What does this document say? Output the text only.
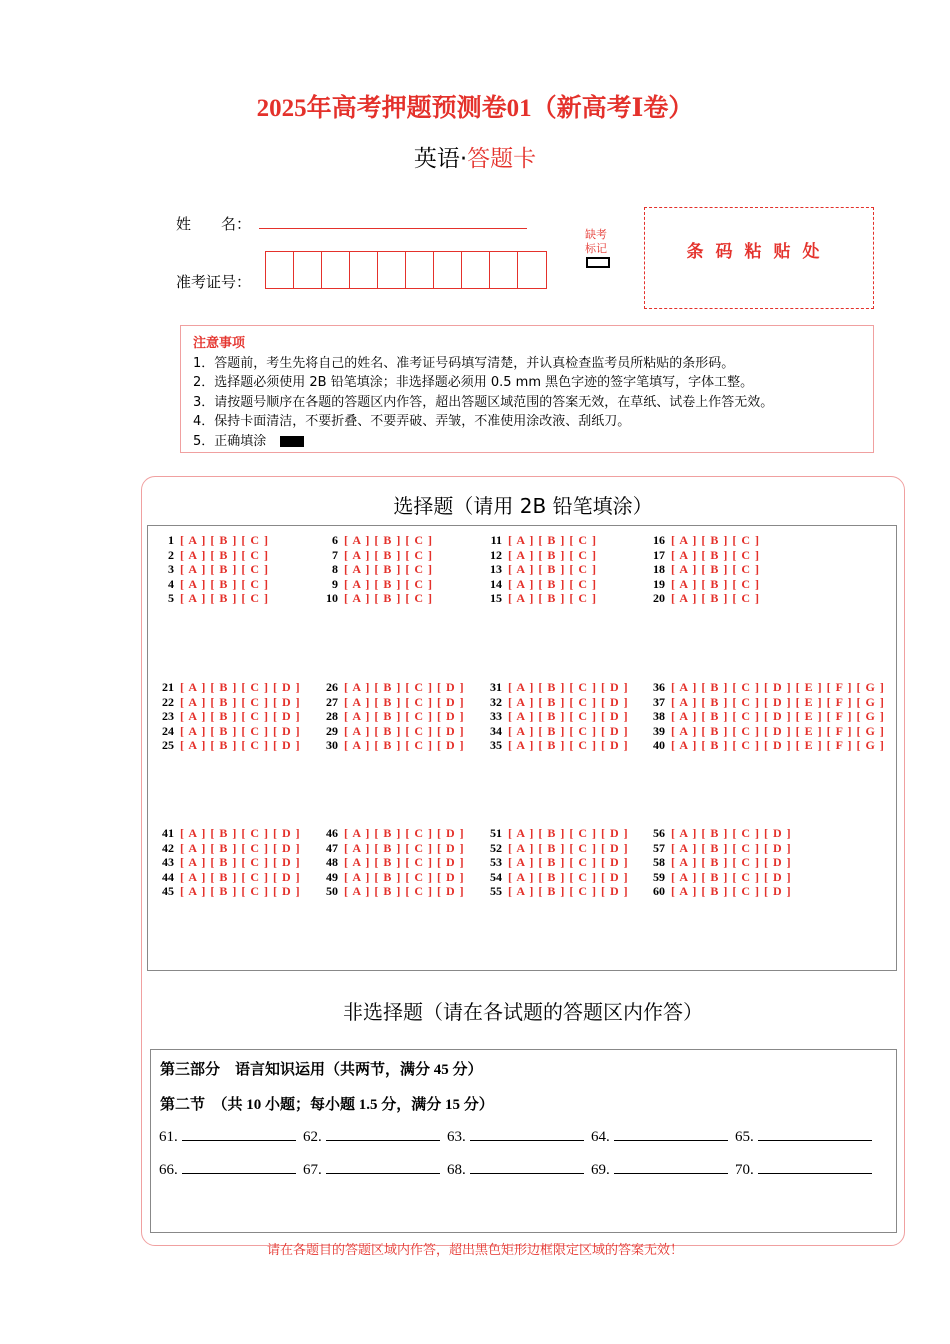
2025年高考押题预测卷01（新高考Ⅰ卷）
英语·答题卡
姓　　名：
准考证号：
缺考标记	条码粘贴处
注意事项
1．答题前，考生先将自己的姓名、准考证号码填写清楚，并认真检查监考员所粘贴的条形码。
2．选择题必须使用 2B 铅笔填涂；非选择题必须用 0.5 mm 黑色字迹的签字笔填写，字体工整。
3．请按题号顺序在各题的答题区内作答，超出答题区域范围的答案无效，在草纸、试卷上作答无效。
4．保持卡面清洁，不要折叠、不要弄破、弄皱，不准使用涂改液、刮纸刀。
5．正确填涂
选择题（请用 2B 铅笔填涂）
非选择题（请在各试题的答题区内作答）
第三部分　语言知识运用（共两节，满分 45 分）
第二节　（共 10 小题；每小题 1.5 分，满分 15 分）
61.	62.	63.	64.	65.
66.	67.	68.	69.	70.
请在各题目的答题区域内作答，超出黑色矩形边框限定区域的答案无效！
1 [ A ] [ B ] [ C ]
2 [ A ] [ B ] [ C ]
3 [ A ] [ B ] [ C ]
4 [ A ] [ B ] [ C ]
5 [ A ] [ B ] [ C ]
6 [ A ] [ B ] [ C ]
7 [ A ] [ B ] [ C ]
8 [ A ] [ B ] [ C ]
9 [ A ] [ B ] [ C ]
10 [ A ] [ B ] [ C ]
11 [ A ] [ B ] [ C ]
12 [ A ] [ B ] [ C ]
13 [ A ] [ B ] [ C ]
14 [ A ] [ B ] [ C ]
15 [ A ] [ B ] [ C ]
16 [ A ] [ B ] [ C ]
17 [ A ] [ B ] [ C ]
18 [ A ] [ B ] [ C ]
19 [ A ] [ B ] [ C ]
20 [ A ] [ B ] [ C ]
21 [ A ] [ B ] [ C ] [ D ]
22 [ A ] [ B ] [ C ] [ D ]
23 [ A ] [ B ] [ C ] [ D ]
24 [ A ] [ B ] [ C ] [ D ]
25 [ A ] [ B ] [ C ] [ D ]
26 [ A ] [ B ] [ C ] [ D ]
27 [ A ] [ B ] [ C ] [ D ]
28 [ A ] [ B ] [ C ] [ D ]
29 [ A ] [ B ] [ C ] [ D ]
30 [ A ] [ B ] [ C ] [ D ]
31 [ A ] [ B ] [ C ] [ D ]
32 [ A ] [ B ] [ C ] [ D ]
33 [ A ] [ B ] [ C ] [ D ]
34 [ A ] [ B ] [ C ] [ D ]
35 [ A ] [ B ] [ C ] [ D ]
36 [ A ] [ B ] [ C ] [ D ] [ E ] [ F ] [ G ]
37 [ A ] [ B ] [ C ] [ D ] [ E ] [ F ] [ G ]
38 [ A ] [ B ] [ C ] [ D ] [ E ] [ F ] [ G ]
39 [ A ] [ B ] [ C ] [ D ] [ E ] [ F ] [ G ]
40 [ A ] [ B ] [ C ] [ D ] [ E ] [ F ] [ G ]
41 [ A ] [ B ] [ C ] [ D ]
42 [ A ] [ B ] [ C ] [ D ]
43 [ A ] [ B ] [ C ] [ D ]
44 [ A ] [ B ] [ C ] [ D ]
45 [ A ] [ B ] [ C ] [ D ]
46 [ A ] [ B ] [ C ] [ D ]
47 [ A ] [ B ] [ C ] [ D ]
48 [ A ] [ B ] [ C ] [ D ]
49 [ A ] [ B ] [ C ] [ D ]
50 [ A ] [ B ] [ C ] [ D ]
51 [ A ] [ B ] [ C ] [ D ]
52 [ A ] [ B ] [ C ] [ D ]
53 [ A ] [ B ] [ C ] [ D ]
54 [ A ] [ B ] [ C ] [ D ]
55 [ A ] [ B ] [ C ] [ D ]
56 [ A ] [ B ] [ C ] [ D ]
57 [ A ] [ B ] [ C ] [ D ]
58 [ A ] [ B ] [ C ] [ D ]
59 [ A ] [ B ] [ C ] [ D ]
60 [ A ] [ B ] [ C ] [ D ]
